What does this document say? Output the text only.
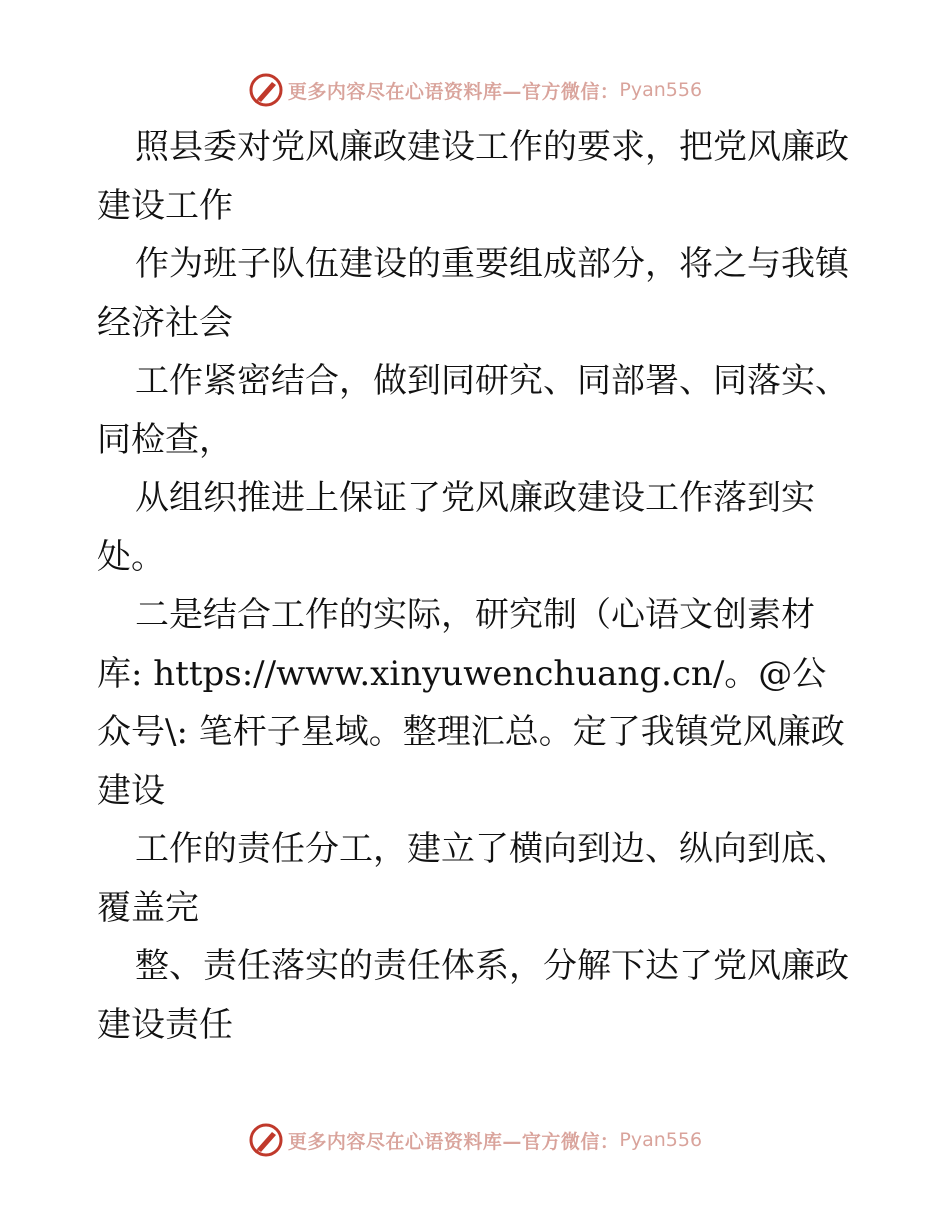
更多内容尽在心语资料库—官方微信： Pyan556

照县委对党风廉政建设工作的要求，把党风廉政建设工作

作为班子队伍建设的重要组成部分，将之与我镇经济社会

工作紧密结合，做到同研究、同部署、同落实、同检查，

从组织推进上保证了党风廉政建设工作落到实处。

二是结合工作的实际，研究制（心语文创素材库: https://www.xinyuwenchuang.cn/。@公众号\: 笔杆子星域。整理汇总。定了我镇党风廉政建设

工作的责任分工，建立了横向到边、纵向到底、覆盖完

整、责任落实的责任体系，分解下达了党风廉政建设责任

更多内容尽在心语资料库—官方微信： Pyan556
